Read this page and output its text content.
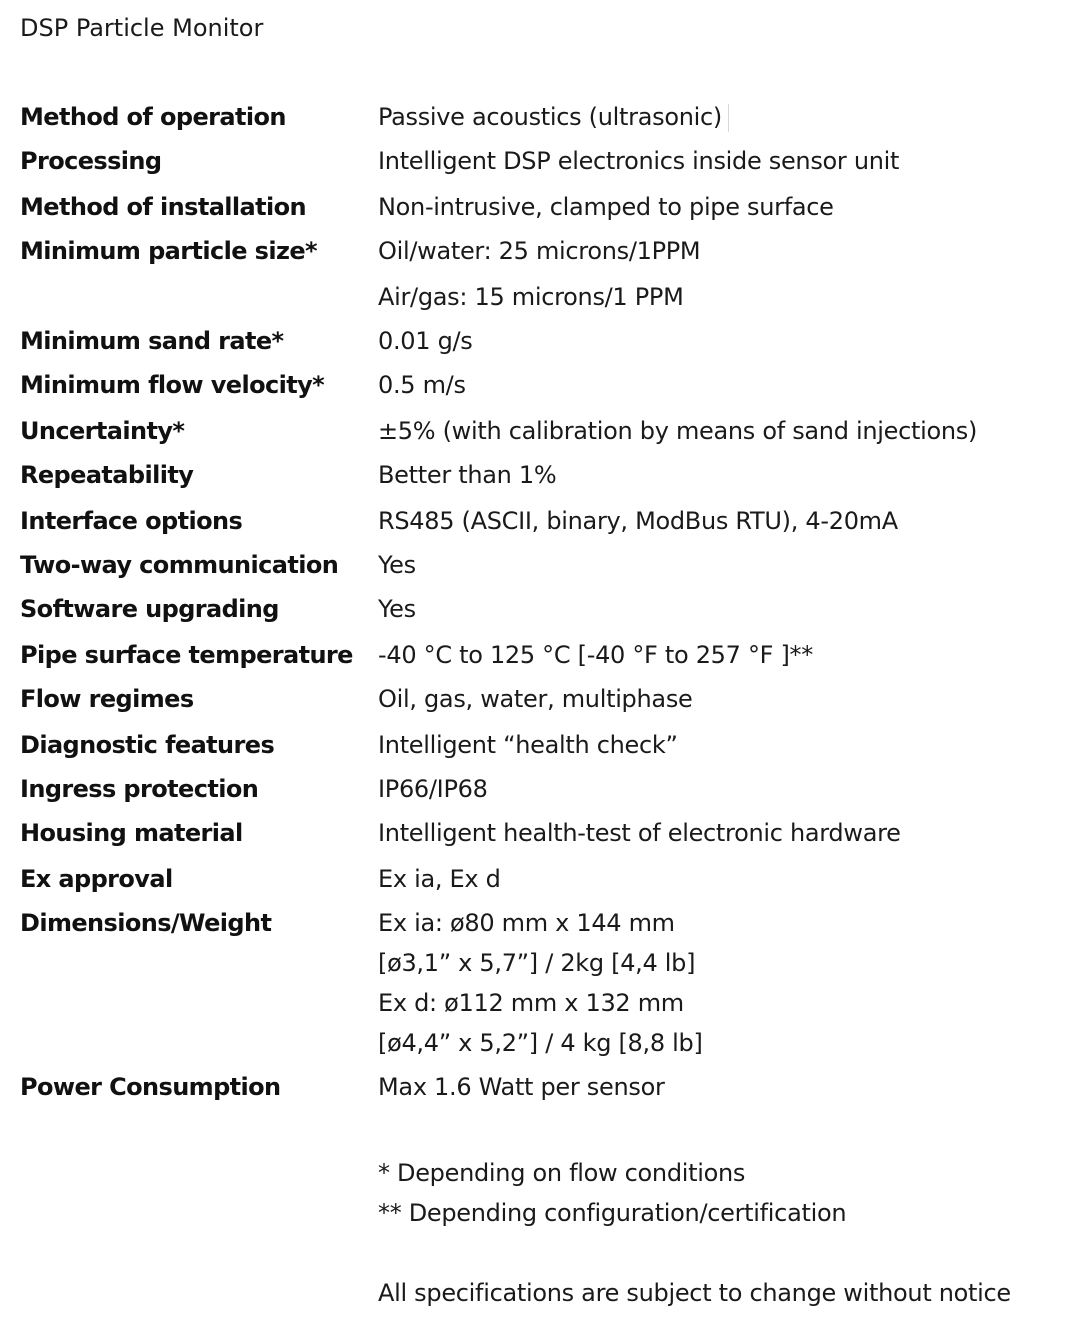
DSP Particle Monitor
Method of operation	Passive acoustics (ultrasonic)
Processing	Intelligent DSP electronics inside sensor unit
Method of installation	Non-intrusive, clamped to pipe surface
Minimum particle size*	Oil/water: 25 microns/1PPM
Air/gas: 15 microns/1 PPM
Minimum sand rate*	0.01 g/s
Minimum flow velocity* 0.5 m/s
Uncertainty*	±5% (with calibration by means of sand injections)
Repeatability	Better than 1%
Interface options	RS485 (ASCII, binary, ModBus RTU), 4-20mA
Two-way communication Yes
Software upgrading	Yes
Pipe surface temperature -40 °C to 125 °C [-40 °F to 257 °F ]**
Flow regimes	Oil, gas, water, multiphase
Diagnostic features	Intelligent “health check”
Ingress protection	IP66/IP68
Housing material	Intelligent health-test of electronic hardware
Ex approval	Ex ia, Ex d
Dimensions/Weight	Ex ia: ø80 mm x 144 mm
[ø3,1” x 5,7”] / 2kg [4,4 lb]
Ex d: ø112 mm x 132 mm
[ø4,4” x 5,2”] / 4 kg [8,8 lb]
Power Consumption	Max 1.6 Watt per sensor
* Depending on flow conditions
** Depending configuration/certification
All specifications are subject to change without notice
